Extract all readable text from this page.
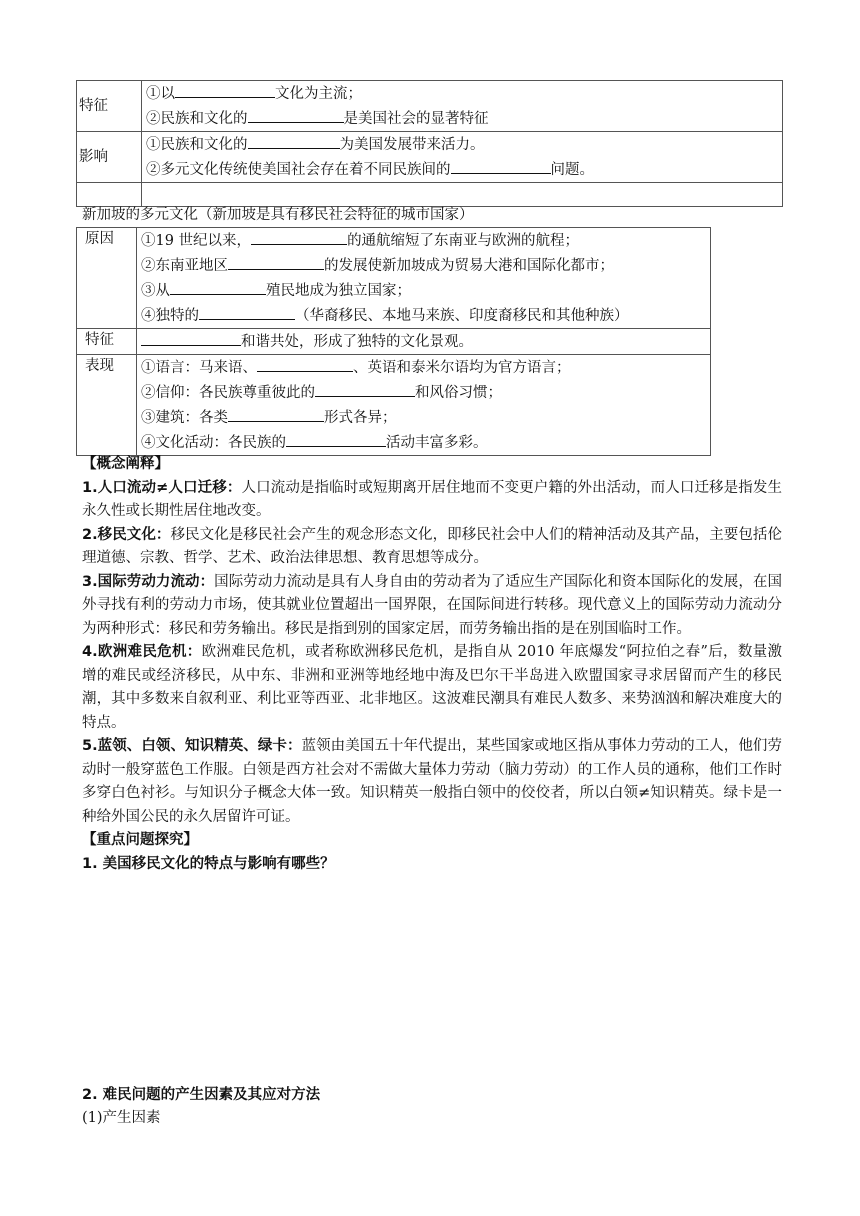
特征	①以 文化为主流；
②民族和文化的 是美国社会的显著特征
影响	①民族和文化的 为美国发展带来活力。
②多元文化传统使美国社会存在着不同民族间的 问题。

新加坡的多元文化（新加坡是具有移民社会特征的城市国家）
原因	①19 世纪以来， 的通航缩短了东南亚与欧洲的航程；
②东南亚地区 的发展使新加坡成为贸易大港和国际化都市；
③从 殖民地成为独立国家；
④独特的 （华裔移民、本地马来族、印度裔移民和其他种族）
特征	和谐共处，形成了独特的文化景观。
表现	①语言：马来语、 、英语和泰米尔语均为官方语言；
②信仰：各民族尊重彼此的 和风俗习惯；
③建筑：各类 形式各异；
④文化活动：各民族的 活动丰富多彩。

【概念阐释】

1.人口流动≠人口迁移：人口流动是指临时或短期离开居住地而不变更户籍的外出活动，而人口迁移是指发生永久性或长期性居住地改变。

2.移民文化：移民文化是移民社会产生的观念形态文化，即移民社会中人们的精神活动及其产品，主要包括伦理道德、宗教、哲学、艺术、政治法律思想、教育思想等成分。

3.国际劳动力流动：国际劳动力流动是具有人身自由的劳动者为了适应生产国际化和资本国际化的发展，在国外寻找有利的劳动力市场，使其就业位置超出一国界限，在国际间进行转移。现代意义上的国际劳动力流动分为两种形式：移民和劳务输出。移民是指到别的国家定居，而劳务输出指的是在别国临时工作。

4.欧洲难民危机：欧洲难民危机，或者称欧洲移民危机，是指自从 2010 年底爆发“阿拉伯之春”后，数量激增的难民或经济移民，从中东、非洲和亚洲等地经地中海及巴尔干半岛进入欧盟国家寻求居留而产生的移民潮，其中多数来自叙利亚、利比亚等西亚、北非地区。这波难民潮具有难民人数多、来势汹汹和解决难度大的特点。

5.蓝领、白领、知识精英、绿卡：蓝领由美国五十年代提出，某些国家或地区指从事体力劳动的工人，他们劳动时一般穿蓝色工作服。白领是西方社会对不需做大量体力劳动（脑力劳动）的工作人员的通称，他们工作时多穿白色衬衫。与知识分子概念大体一致。知识精英一般指白领中的佼佼者，所以白领≠知识精英。绿卡是一种给外国公民的永久居留许可证。

【重点问题探究】

1. 美国移民文化的特点与影响有哪些？

2. 难民问题的产生因素及其应对方法
(1)产生因素
